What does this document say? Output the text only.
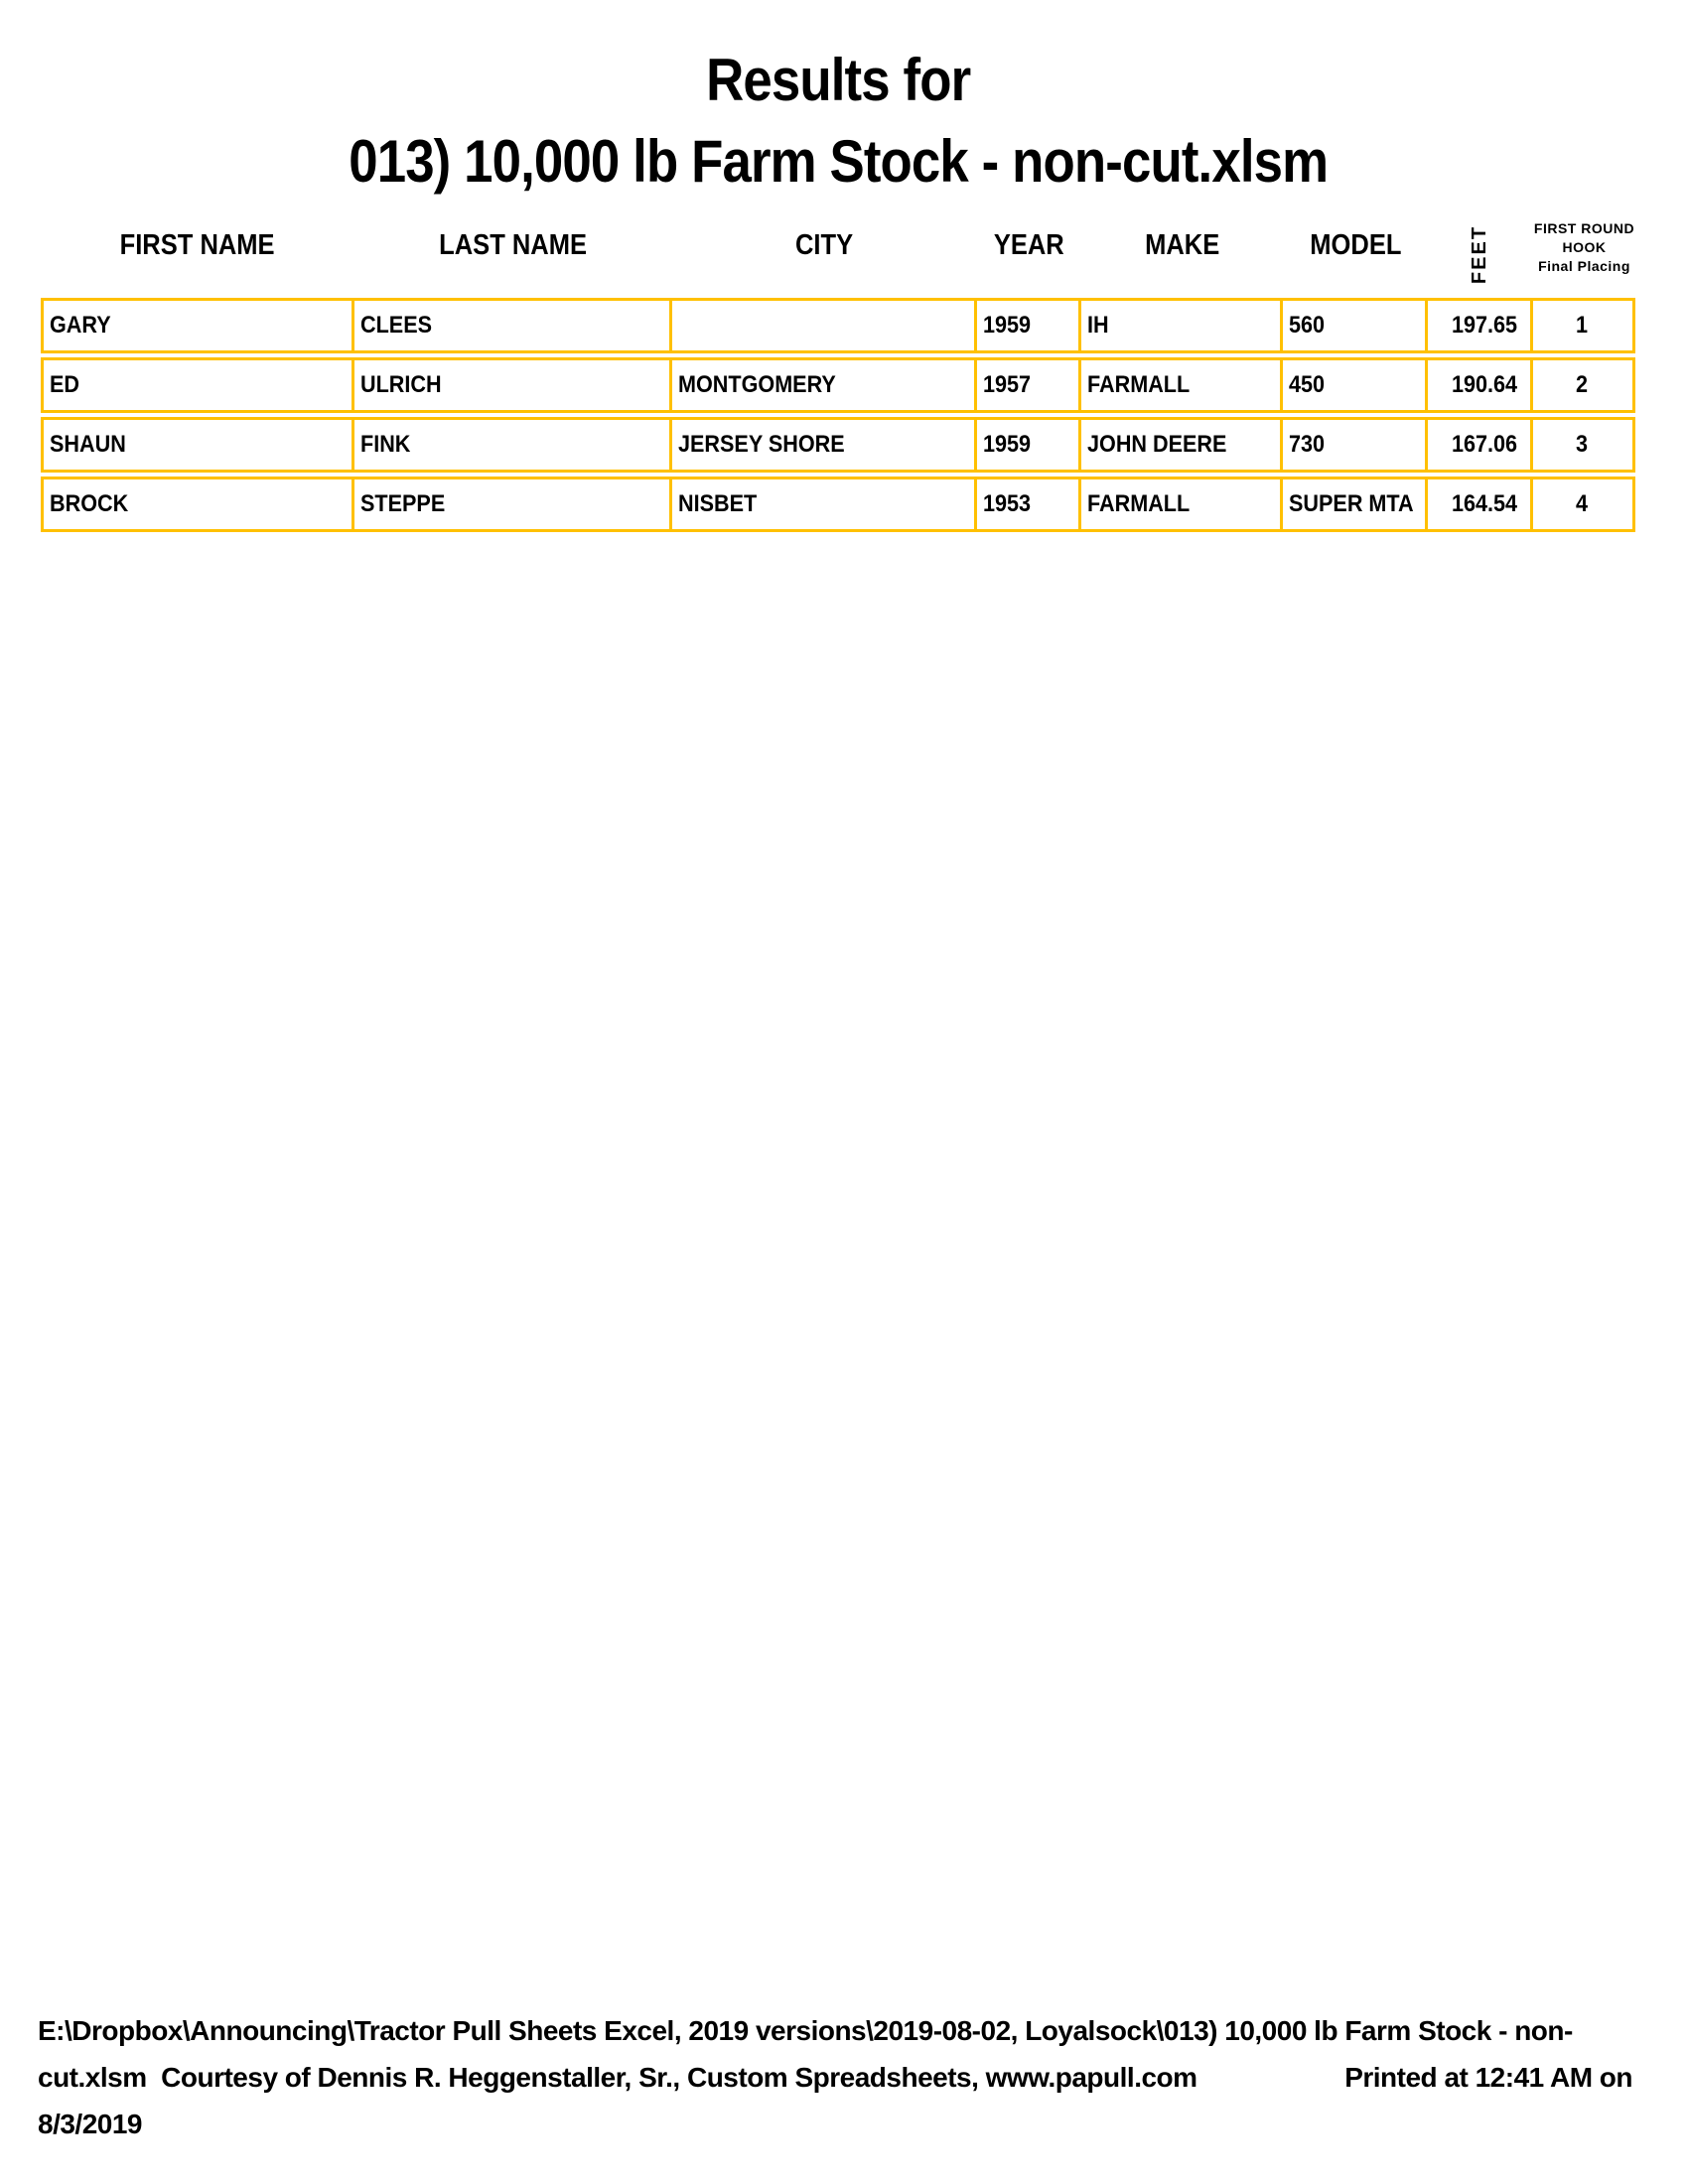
Results for
013) 10,000 lb Farm Stock - non-cut.xlsm
FIRST NAME	LAST NAME	CITY	YEAR	MAKE	MODEL	FEET	FIRST ROUND
HOOK
Final Placing
GARY	CLEES		1959	IH	560	197.65	1
ED	ULRICH	MONTGOMERY	1957	FARMALL	450	190.64	2
SHAUN	FINK	JERSEY SHORE	1959	JOHN DEERE	730	167.06	3
BROCK	STEPPE	NISBET	1953	FARMALL	SUPER MTA	164.54	4
E:\Dropbox\Announcing\Tractor Pull Sheets Excel, 2019 versions\2019-08-02, Loyalsock\013) 10,000 lb Farm Stock - non-
cut.xlsm  Courtesy of Dennis R. Heggenstaller, Sr., Custom Spreadsheets, www.papull.com	Printed at 12:41 AM on
8/3/2019
